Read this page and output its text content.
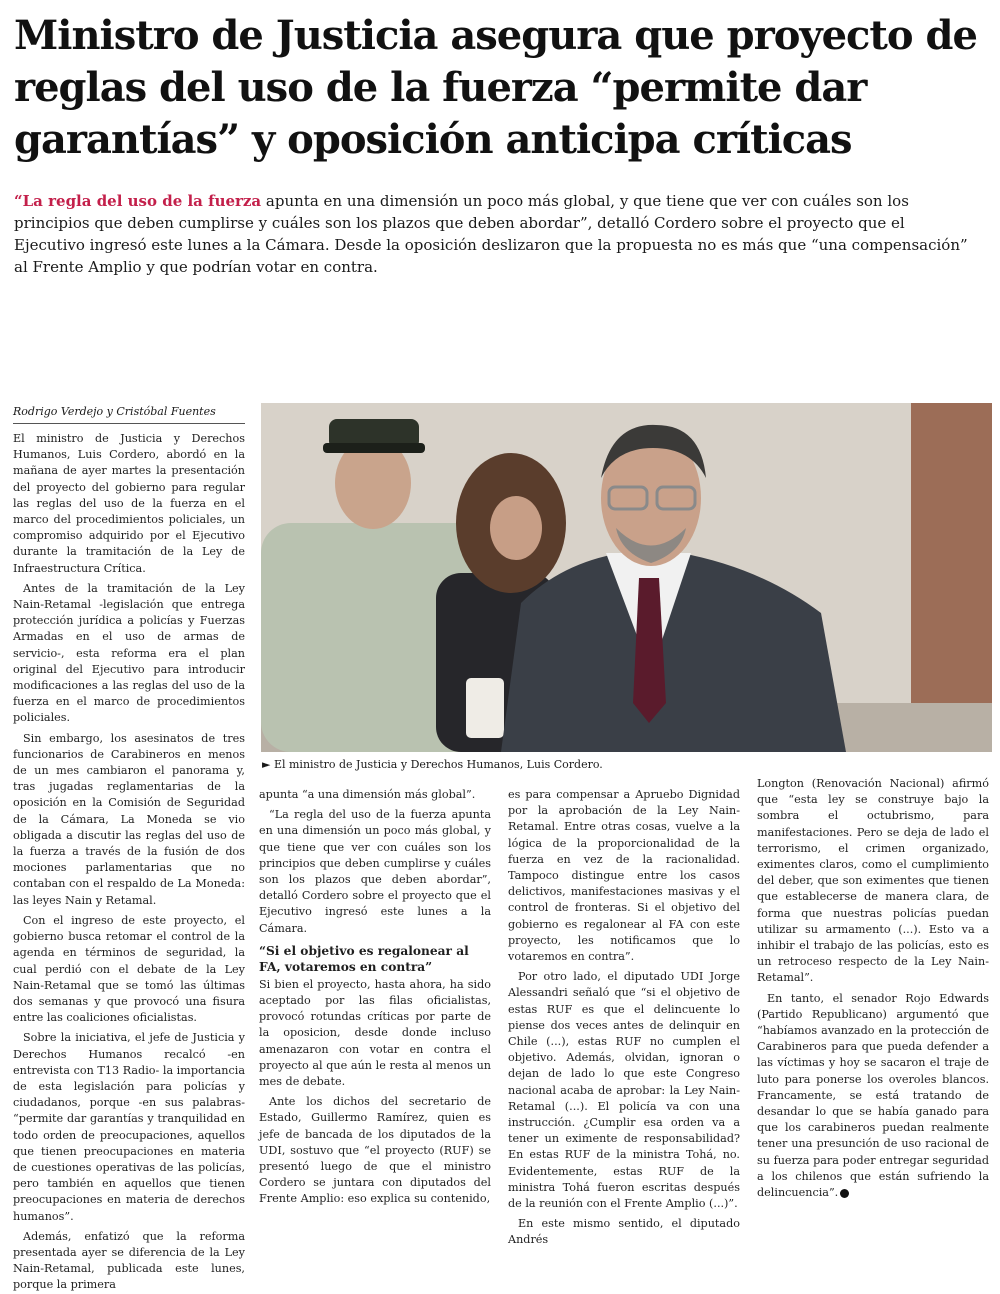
Ministro de Justicia asegura que proyecto de reglas del uso de la fuerza “permite dar garantías” y oposición anticipa críticas

“La regla del uso de la fuerza apunta en una dimensión un poco más global, y que tiene que ver con cuáles son los principios que deben cumplirse y cuáles son los plazos que deben abordar”, detalló Cordero sobre el proyecto que el Ejecutivo ingresó este lunes a la Cámara. Desde la oposición deslizaron que la propuesta no es más que “una compensación” al Frente Amplio y que podrían votar en contra.

Rodrigo Verdejo y Cristóbal Fuentes

► El ministro de Justicia y Derechos Humanos, Luis Cordero.

El ministro de Justicia y Derechos Humanos, Luis Cordero, abordó en la mañana de ayer martes la presentación del proyecto del gobierno para regular las reglas del uso de la fuerza en el marco del procedimientos policiales, un compromiso adquirido por el Ejecutivo durante la tramitación de la Ley de Infraestructura Crítica.

Antes de la tramitación de la Ley Nain-Retamal -legislación que entrega protección jurídica a policías y Fuerzas Armadas en el uso de armas de servicio-, esta reforma era el plan original del Ejecutivo para introducir modificaciones a las reglas del uso de la fuerza en el marco de procedimientos policiales.

Sin embargo, los asesinatos de tres funcionarios de Carabineros en menos de un mes cambiaron el panorama y, tras jugadas reglamentarias de la oposición en la Comisión de Seguridad de la Cámara, La Moneda se vio obligada a discutir las reglas del uso de la fuerza a través de la fusión de dos mociones parlamentarias que no contaban con el respaldo de La Moneda: las leyes Nain y Retamal.

Con el ingreso de este proyecto, el gobierno busca retomar el control de la agenda en términos de seguridad, la cual perdió con el debate de la Ley Nain-Retamal que se tomó las últimas dos semanas y que provocó una fisura entre las coaliciones oficialistas.

Sobre la iniciativa, el jefe de Justicia y Derechos Humanos recalcó -en entrevista con T13 Radio- la importancia de esta legislación para policías y ciudadanos, porque -en sus palabras- “permite dar garantías y tranquilidad en todo orden de preocupaciones, aquellos que tienen preocupaciones en materia de cuestiones operativas de las policías, pero también en aquellos que tienen preocupaciones en materia de derechos humanos”.

Además, enfatizó que la reforma presentada ayer se diferencia de la Ley Nain-Retamal, publicada este lunes, porque la primera

apunta “a una dimensión más global”.

“La regla del uso de la fuerza apunta en una dimensión un poco más global, y que tiene que ver con cuáles son los principios que deben cumplirse y cuáles son los plazos que deben abordar”, detalló Cordero sobre el proyecto que el Ejecutivo ingresó este lunes a la Cámara.

“Si el objetivo es regalonear al FA, votaremos en contra”

Si bien el proyecto, hasta ahora, ha sido aceptado por las filas oficialistas, provocó rotundas críticas por parte de la oposicion, desde donde incluso amenazaron con votar en contra el proyecto al que aún le resta al menos un mes de debate.

Ante los dichos del secretario de Estado, Guillermo Ramírez, quien es jefe de bancada de los diputados de la UDI, sostuvo que “el proyecto (RUF) se presentó luego de que el ministro Cordero se juntara con diputados del Frente Amplio: eso explica su contenido,

es para compensar a Apruebo Dignidad por la aprobación de la Ley Nain-Retamal. Entre otras cosas, vuelve a la lógica de la proporcionalidad de la fuerza en vez de la racionalidad. Tampoco distingue entre los casos delictivos, manifestaciones masivas y el control de fronteras. Si el objetivo del gobierno es regalonear al FA con este proyecto, les notificamos que lo votaremos en contra”.

Por otro lado, el diputado UDI Jorge Alessandri señaló que “si el objetivo de estas RUF es que el delincuente lo piense dos veces antes de delinquir en Chile (...), estas RUF no cumplen el objetivo. Además, olvidan, ignoran o dejan de lado lo que este Congreso nacional acaba de aprobar: la Ley Nain-Retamal (...). El policía va con una instrucción. ¿Cumplir esa orden va a tener un eximente de responsabilidad? En estas RUF de la ministra Tohá, no. Evidentemente, estas RUF de la ministra Tohá fueron escritas después de la reunión con el Frente Amplio (...)”.

En este mismo sentido, el diputado Andrés

Longton (Renovación Nacional) afirmó que “esta ley se construye bajo la sombra el octubrismo, para manifestaciones. Pero se deja de lado el terrorismo, el crimen organizado, eximentes claros, como el cumplimiento del deber, que son eximentes que tienen que establecerse de manera clara, de forma que nuestras policías puedan utilizar su armamento (...). Esto va a inhibir el trabajo de las policías, esto es un retroceso respecto de la Ley Nain-Retamal”.

En tanto, el senador Rojo Edwards (Partido Republicano) argumentó que “habíamos avanzado en la protección de Carabineros para que pueda defender a las víctimas y hoy se sacaron el traje de luto para ponerse los overoles blancos. Francamente, se está tratando de desandar lo que se había ganado para que los carabineros puedan realmente tener una presunción de uso racional de su fuerza para poder entregar seguridad a los chilenos que están sufriendo la delincuencia”.
